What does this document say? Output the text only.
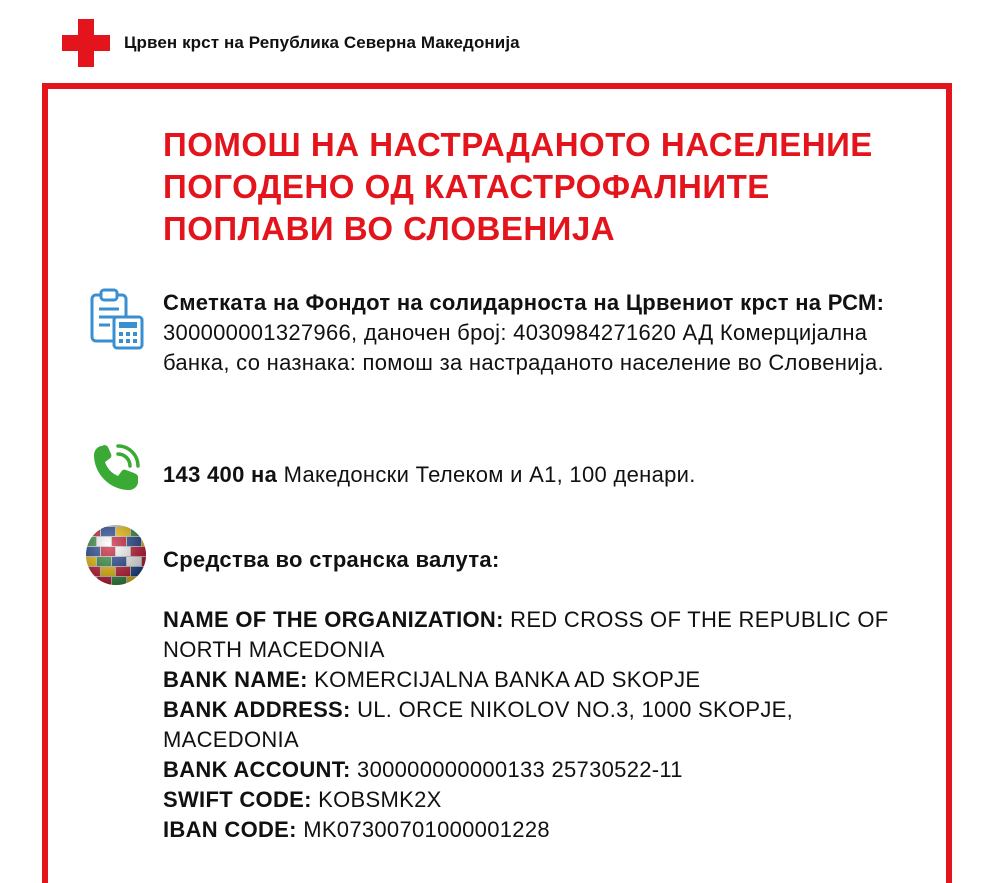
Црвен крст на Република Северна Македонија
ПОМОШ НА НАСТРАДАНОТО НАСЕЛЕНИЕ
ПОГОДЕНО ОД КАТАСТРОФАЛНИТЕ
ПОПЛАВИ ВО СЛОВЕНИЈА
Сметката на Фондот на солидарноста на Црвениот крст на РСМ: 300000001327966, даночен број: 4030984271620 АД Комерцијална банка, со назнака: помош за настраданото население во Словенија.
143 400 на Македонски Телеком и А1, 100 денари.

Средства во странска валута:

NAME OF THE ORGANIZATION: RED CROSS OF THE REPUBLIC OF NORTH MACEDONIA

BANK NAME: KOMERCIJALNA BANKA AD SKOPJE

BANK ADDRESS: UL. ORCE NIKOLOV NO.3, 1000 SKOPJE, MACEDONIA

BANK ACCOUNT: 300000000000133 25730522-11

SWIFT CODE: KOBSMK2X

IBAN CODE: MK07300701000001228
